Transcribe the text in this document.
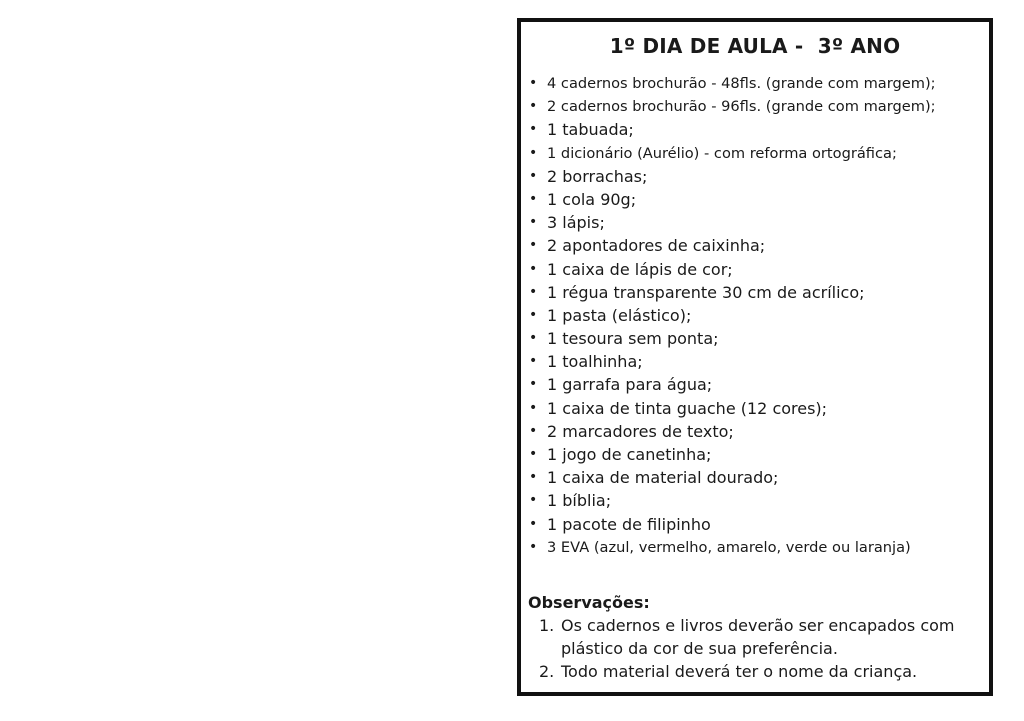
1º DIA DE AULA -  3º ANO
• 4 cadernos brochurão - 48fls. (grande com margem);
• 2 cadernos brochurão - 96fls. (grande com margem);
• 1 tabuada;
• 1 dicionário (Aurélio) - com reforma ortográfica;
• 2 borrachas;
• 1 cola 90g;
• 3 lápis;
• 2 apontadores de caixinha;
• 1 caixa de lápis de cor;
• 1 régua transparente 30 cm de acrílico;
• 1 pasta (elástico);
• 1 tesoura sem ponta;
• 1 toalhinha;
• 1 garrafa para água;
• 1 caixa de tinta guache (12 cores);
• 2 marcadores de texto;
• 1 jogo de canetinha;
• 1 caixa de material dourado;
• 1 bíblia;
• 1 pacote de filipinho
• 3 EVA (azul, vermelho, amarelo, verde ou laranja)
Observações:
1. Os cadernos e livros deverão ser encapados com plástico da cor de sua preferência.
2. Todo material deverá ter o nome da criança.
